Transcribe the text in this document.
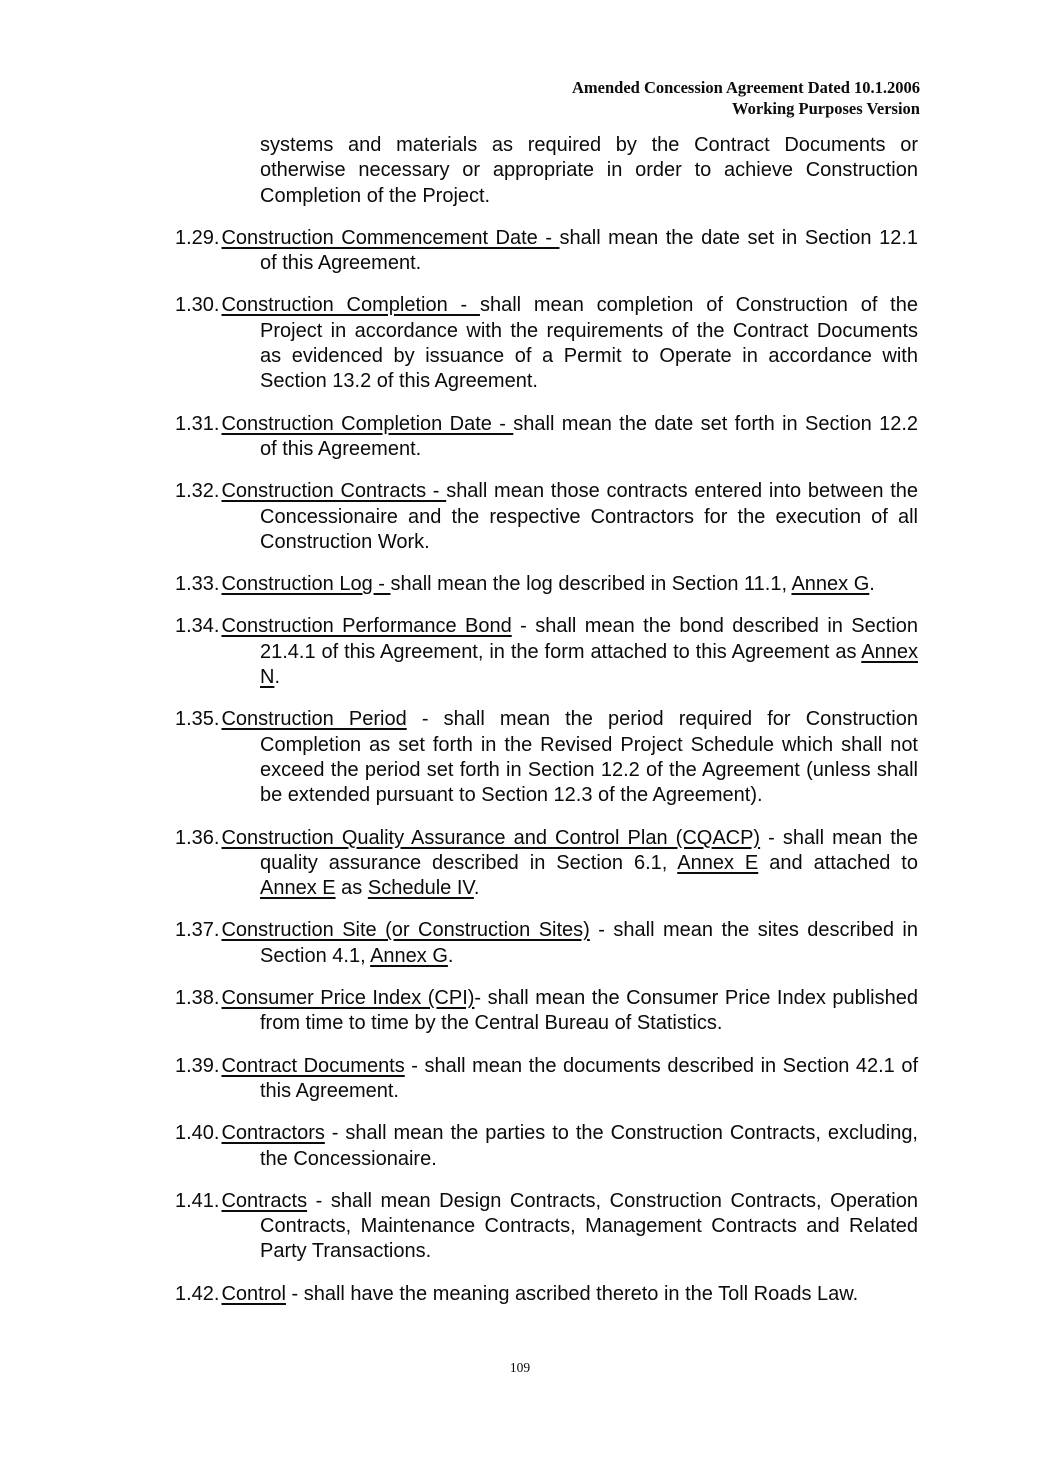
Amended Concession Agreement Dated 10.1.2006
Working Purposes Version

systems and materials as required by the Contract Documents or otherwise necessary or appropriate in order to achieve Construction Completion of the Project.

1.29. Construction Commencement Date - shall mean the date set in Section 12.1 of this Agreement.

1.30. Construction Completion - shall mean completion of Construction of the Project in accordance with the requirements of the Contract Documents as evidenced by issuance of a Permit to Operate in accordance with Section 13.2 of this Agreement.

1.31. Construction Completion Date - shall mean the date set forth in Section 12.2 of this Agreement.

1.32. Construction Contracts - shall mean those contracts entered into between the Concessionaire and the respective Contractors for the execution of all Construction Work.

1.33. Construction Log - shall mean the log described in Section 11.1, Annex G.

1.34. Construction Performance Bond - shall mean the bond described in Section 21.4.1 of this Agreement, in the form attached to this Agreement as Annex N.

1.35. Construction Period - shall mean the period required for Construction Completion as set forth in the Revised Project Schedule which shall not exceed the period set forth in Section 12.2 of the Agreement (unless shall be extended pursuant to Section 12.3 of the Agreement).

1.36. Construction Quality Assurance and Control Plan (CQACP) - shall mean the quality assurance described in Section 6.1, Annex E and attached to Annex E as Schedule IV.

1.37. Construction Site (or Construction Sites) - shall mean the sites described in Section 4.1, Annex G.

1.38. Consumer Price Index (CPI)- shall mean the Consumer Price Index published from time to time by the Central Bureau of Statistics.

1.39. Contract Documents - shall mean the documents described in Section 42.1 of this Agreement.

1.40. Contractors - shall mean the parties to the Construction Contracts, excluding, the Concessionaire.

1.41. Contracts - shall mean Design Contracts, Construction Contracts, Operation Contracts, Maintenance Contracts, Management Contracts and Related Party Transactions.

1.42. Control - shall have the meaning ascribed thereto in the Toll Roads Law.

109
